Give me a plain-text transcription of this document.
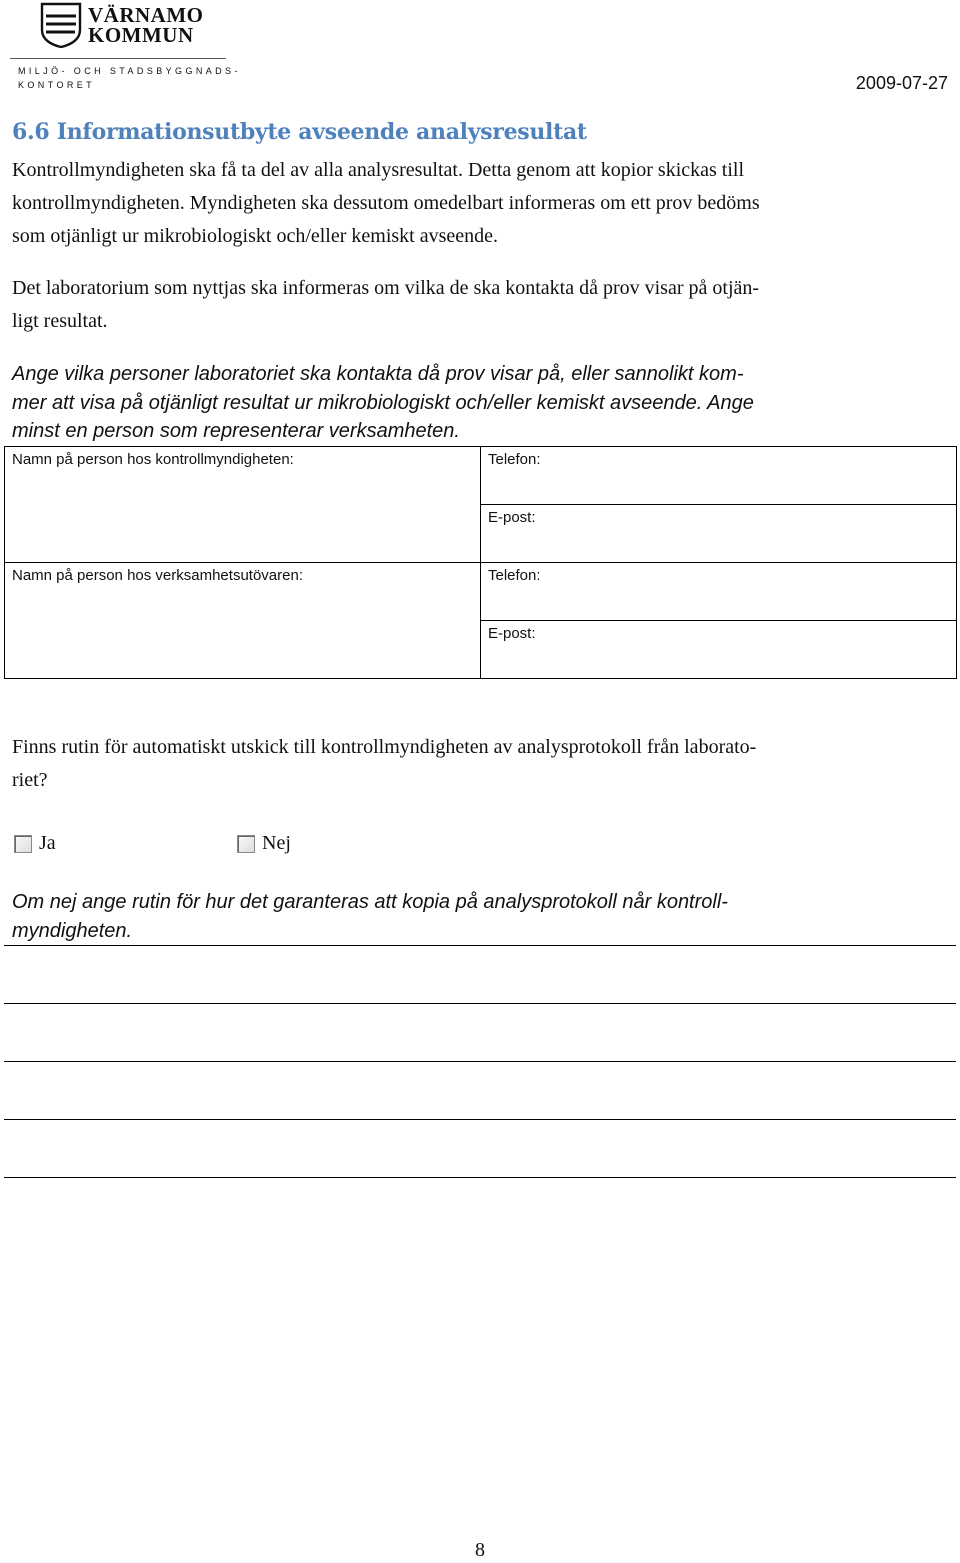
VÄRNAMO
KOMMUN
MILJÖ- OCH STADSBYGGNADS-
KONTORET	2009-07-27
6.6 Informationsutbyte avseende analysresultat
Kontrollmyndigheten ska få ta del av alla analysresultat. Detta genom att kopior skickas till
kontrollmyndigheten. Myndigheten ska dessutom omedelbart informeras om ett prov bedöms
som otjänligt ur mikrobiologiskt och/eller kemiskt avseende.
Det laboratorium som nyttjas ska informeras om vilka de ska kontakta då prov visar på otjän-
ligt resultat.
Ange vilka personer laboratoriet ska kontakta då prov visar på, eller sannolikt kom-
mer att visa på otjänligt resultat ur mikrobiologiskt och/eller kemiskt avseende. Ange
minst en person som representerar verksamheten.
Namn på person hos kontrollmyndigheten:	Telefon:
	E-post:
Namn på person hos verksamhetsutövaren:	Telefon:
	E-post:
Finns rutin för automatiskt utskick till kontrollmyndigheten av analysprotokoll från laborato-
riet?
Ja	Nej
Om nej ange rutin för hur det garanteras att kopia på analysprotokoll når kontroll-
myndigheten.
8
